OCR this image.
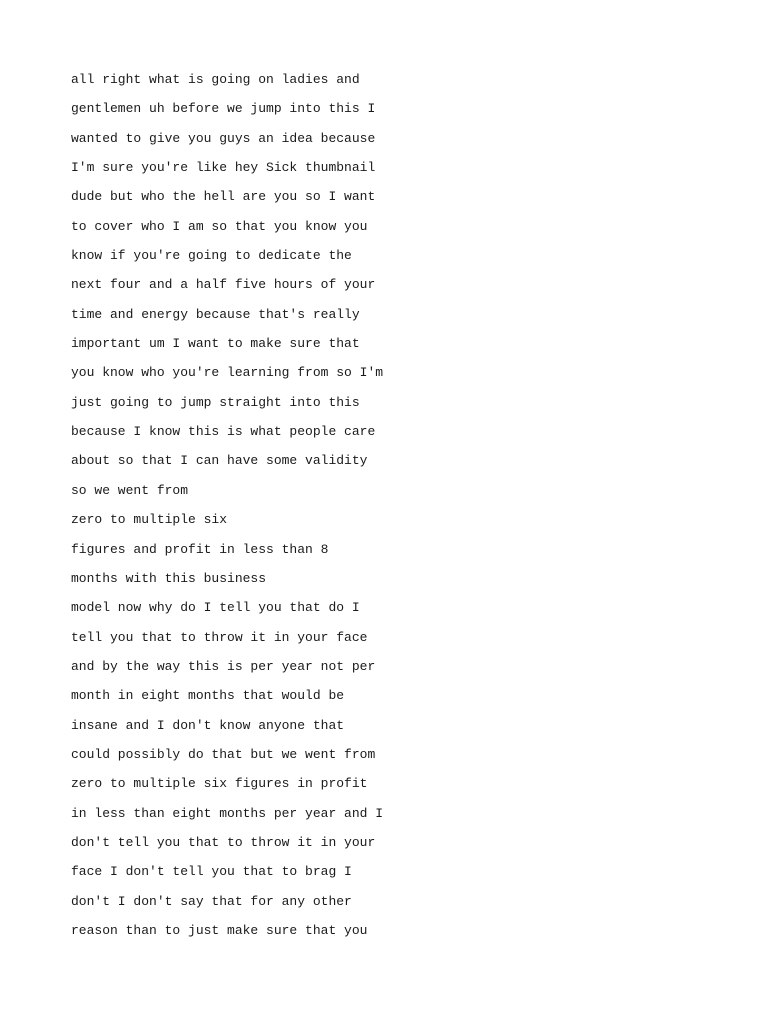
all right what is going on ladies and
gentlemen uh before we jump into this I
wanted to give you guys an idea because
I'm sure you're like hey Sick thumbnail
dude but who the hell are you so I want
to cover who I am so that you know you
know if you're going to dedicate the
next four and a half five hours of your
time and energy because that's really
important um I want to make sure that
you know who you're learning from so I'm
just going to jump straight into this
because I know this is what people care
about so that I can have some validity
so we went from
zero to multiple six
figures and profit in less than 8
months with this business
model now why do I tell you that do I
tell you that to throw it in your face
and by the way this is per year not per
month in eight months that would be
insane and I don't know anyone that
could possibly do that but we went from
zero to multiple six figures in profit
in less than eight months per year and I
don't tell you that to throw it in your
face I don't tell you that to brag I
don't I don't say that for any other
reason than to just make sure that you
